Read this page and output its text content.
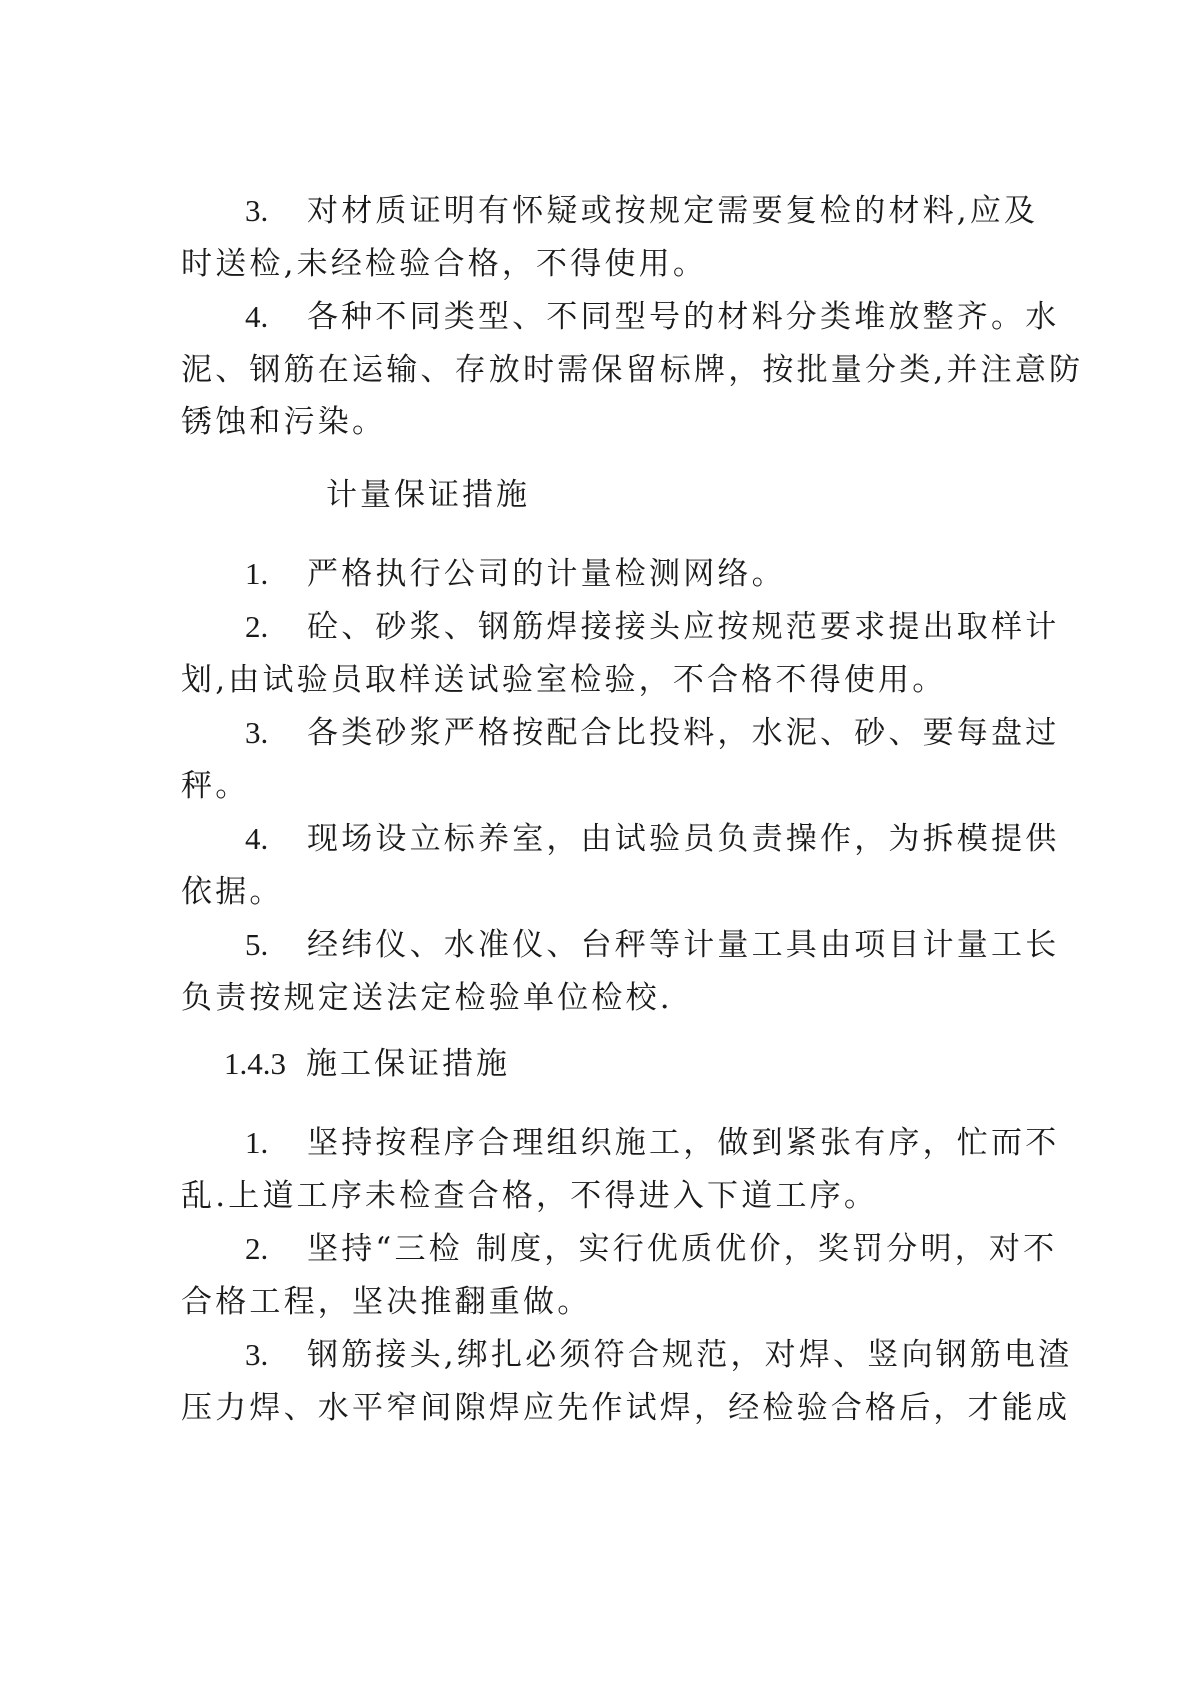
3. 对材质证明有怀疑或按规定需要复检的材料,应及
时送检,未经检验合格，不得使用。
4. 各种不同类型、不同型号的材料分类堆放整齐。水
泥、钢筋在运输、存放时需保留标牌，按批量分类,并注意防
锈蚀和污染。
计量保证措施
1. 严格执行公司的计量检测网络。
2. 砼、砂浆、钢筋焊接接头应按规范要求提出取样计
划,由试验员取样送试验室检验，不合格不得使用。
3. 各类砂浆严格按配合比投料，水泥、砂、要每盘过
秤。
4. 现场设立标养室，由试验员负责操作，为拆模提供
依据。
5. 经纬仪、水准仪、台秤等计量工具由项目计量工长
负责按规定送法定检验单位检校.
1.4.3 施工保证措施
1. 坚持按程序合理组织施工，做到紧张有序，忙而不
乱.上道工序未检查合格，不得进入下道工序。
2. 坚持“三检 制度，实行优质优价，奖罚分明，对不
合格工程，坚决推翻重做。
3. 钢筋接头,绑扎必须符合规范，对焊、竖向钢筋电渣
压力焊、水平窄间隙焊应先作试焊，经检验合格后，才能成
